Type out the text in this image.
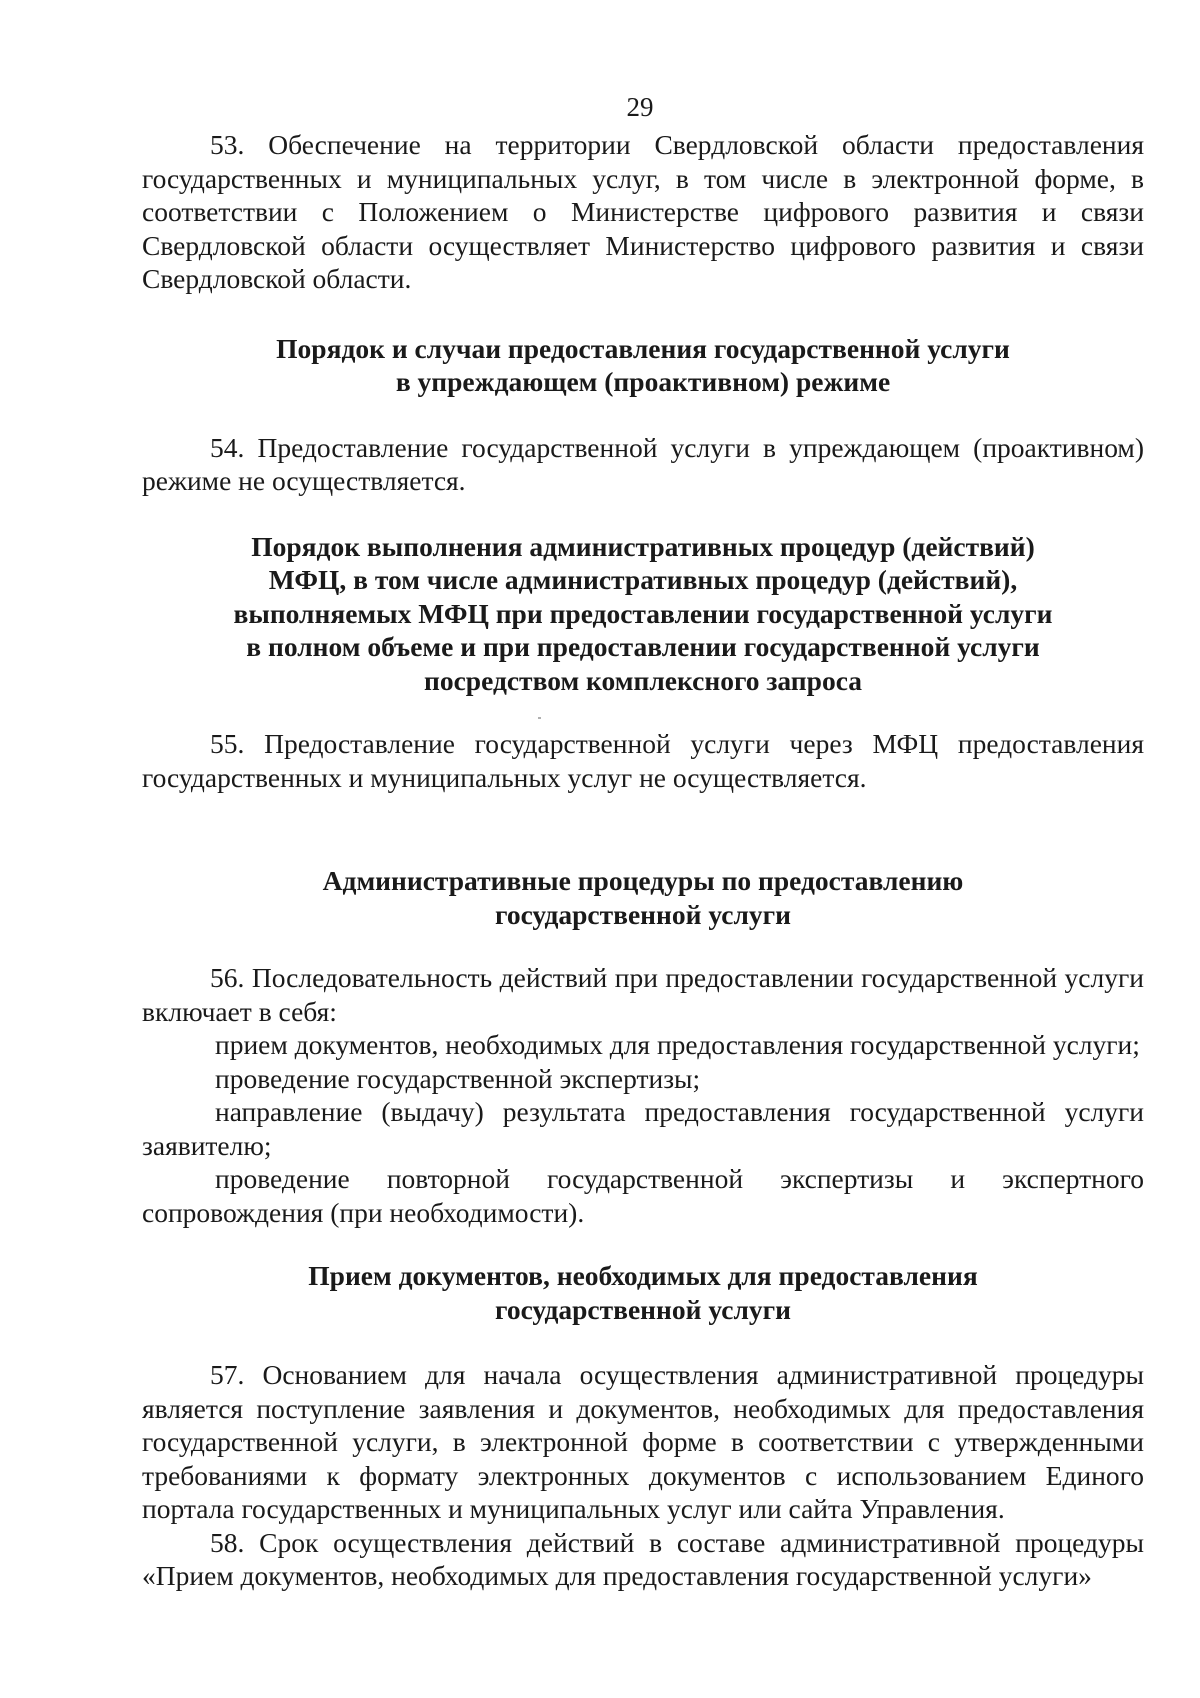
29

53. Обеспечение на территории Свердловской области предоставления государственных и муниципальных услуг, в том числе в электронной форме, в соответствии с Положением о Министерстве цифрового развития и связи Свердловской области осуществляет Министерство цифрового развития и связи Свердловской области.

Порядок и случаи предоставления государственной услуги

в упреждающем (проактивном) режиме

54. Предоставление государственной услуги в упреждающем (проактивном) режиме не осуществляется.

Порядок выполнения административных процедур (действий)

МФЦ, в том числе административных процедур (действий),

выполняемых МФЦ при предоставлении государственной услуги

в полном объеме и при предоставлении государственной услуги

посредством комплексного запроса

55. Предоставление государственной услуги через МФЦ предоставления государственных и муниципальных услуг не осуществляется.

Административные процедуры по предоставлению

государственной услуги

56. Последовательность действий при предоставлении государственной услуги включает в себя:

прием документов, необходимых для предоставления государственной услуги;

проведение государственной экспертизы;

направление (выдачу) результата предоставления государственной услуги заявителю;

проведение повторной государственной экспертизы и экспертного сопровождения (при необходимости).

Прием документов, необходимых для предоставления

государственной услуги

57. Основанием для начала осуществления административной процедуры является поступление заявления и документов, необходимых для предоставления государственной услуги, в электронной форме в соответствии с утвержденными требованиями к формату электронных документов с использованием Единого портала государственных и муниципальных услуг или сайта Управления.

58. Срок осуществления действий в составе административной процедуры «Прием документов, необходимых для предоставления государственной услуги»
